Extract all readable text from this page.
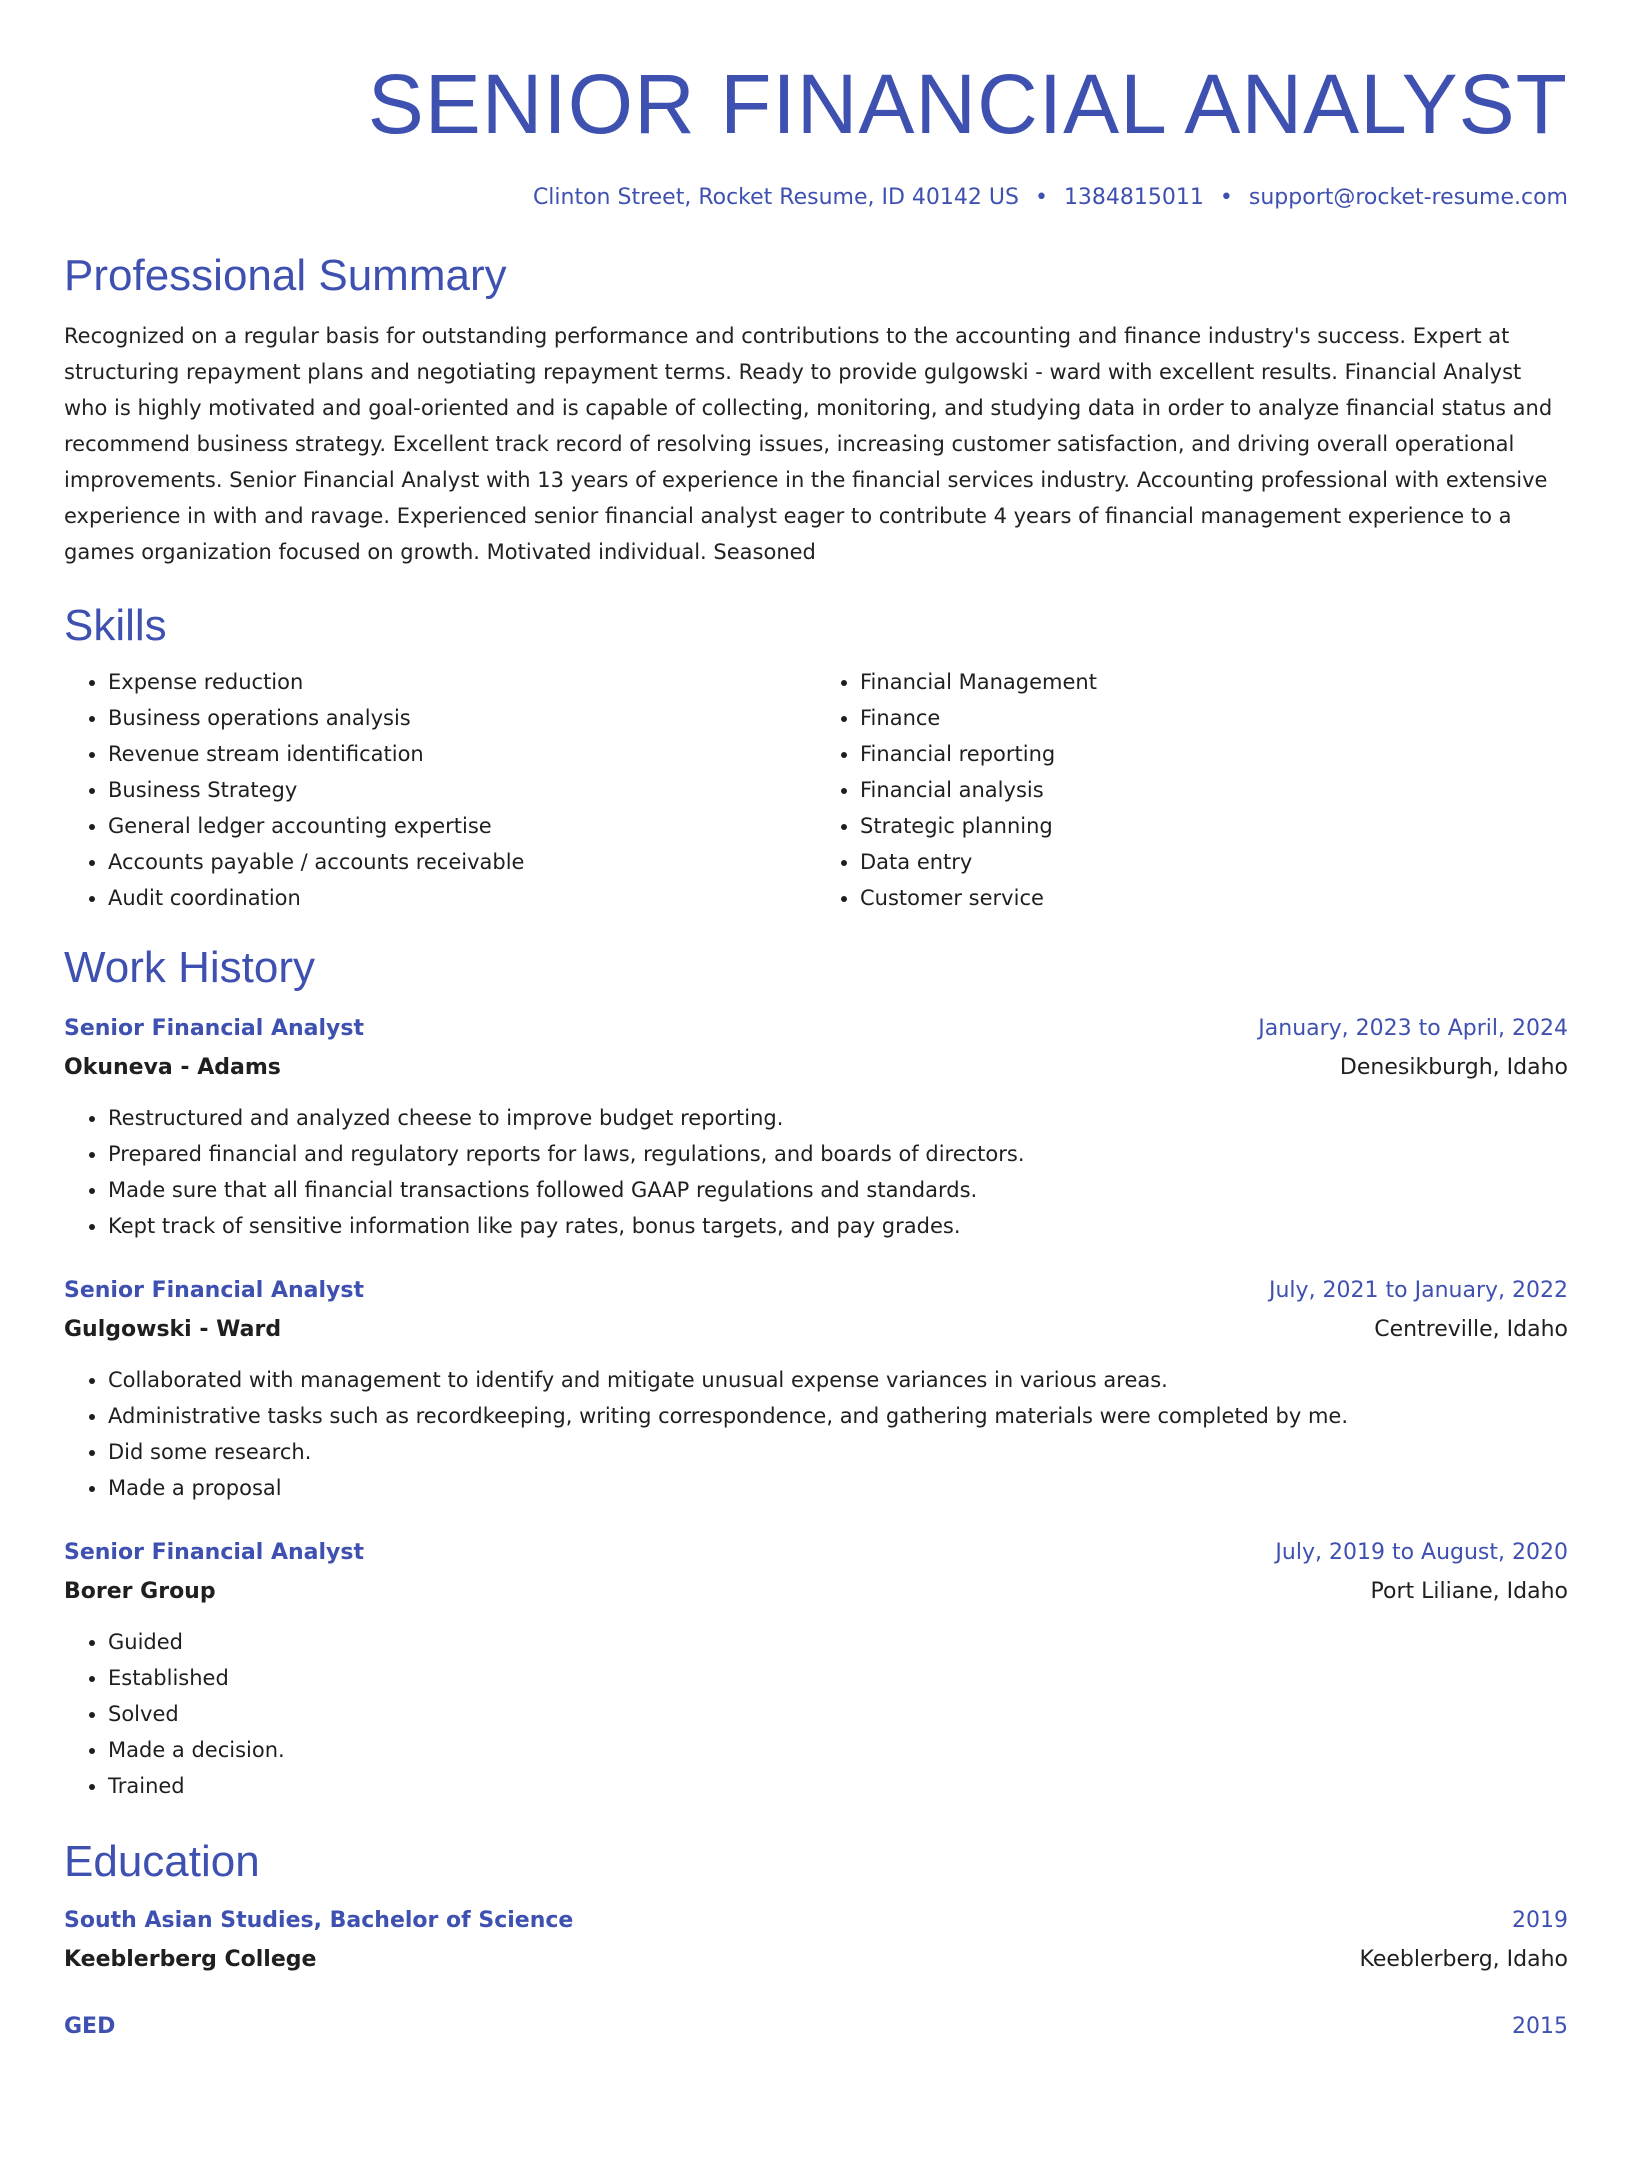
SENIOR FINANCIAL ANALYST
Clinton Street, Rocket Resume, ID 40142 US • 1384815011 • support@rocket-resume.com
Professional Summary
Recognized on a regular basis for outstanding performance and contributions to the accounting and finance industry's success. Expert at structuring repayment plans and negotiating repayment terms. Ready to provide gulgowski - ward with excellent results. Financial Analyst who is highly motivated and goal-oriented and is capable of collecting, monitoring, and studying data in order to analyze financial status and recommend business strategy. Excellent track record of resolving issues, increasing customer satisfaction, and driving overall operational improvements. Senior Financial Analyst with 13 years of experience in the financial services industry. Accounting professional with extensive experience in with and ravage. Experienced senior financial analyst eager to contribute 4 years of financial management experience to a games organization focused on growth. Motivated individual. Seasoned
Skills
• Expense reduction
• Business operations analysis
• Revenue stream identification
• Business Strategy
• General ledger accounting expertise
• Accounts payable / accounts receivable
• Audit coordination
• Financial Management
• Finance
• Financial reporting
• Financial analysis
• Strategic planning
• Data entry
• Customer service
Work History
Senior Financial Analyst	January, 2023 to April, 2024
Okuneva - Adams	Denesikburgh, Idaho
• Restructured and analyzed cheese to improve budget reporting.
• Prepared financial and regulatory reports for laws, regulations, and boards of directors.
• Made sure that all financial transactions followed GAAP regulations and standards.
• Kept track of sensitive information like pay rates, bonus targets, and pay grades.
Senior Financial Analyst	July, 2021 to January, 2022
Gulgowski - Ward	Centreville, Idaho
• Collaborated with management to identify and mitigate unusual expense variances in various areas.
• Administrative tasks such as recordkeeping, writing correspondence, and gathering materials were completed by me.
• Did some research.
• Made a proposal
Senior Financial Analyst	July, 2019 to August, 2020
Borer Group	Port Liliane, Idaho
• Guided
• Established
• Solved
• Made a decision.
• Trained
Education
South Asian Studies, Bachelor of Science	2019
Keeblerberg College	Keeblerberg, Idaho
GED	2015
